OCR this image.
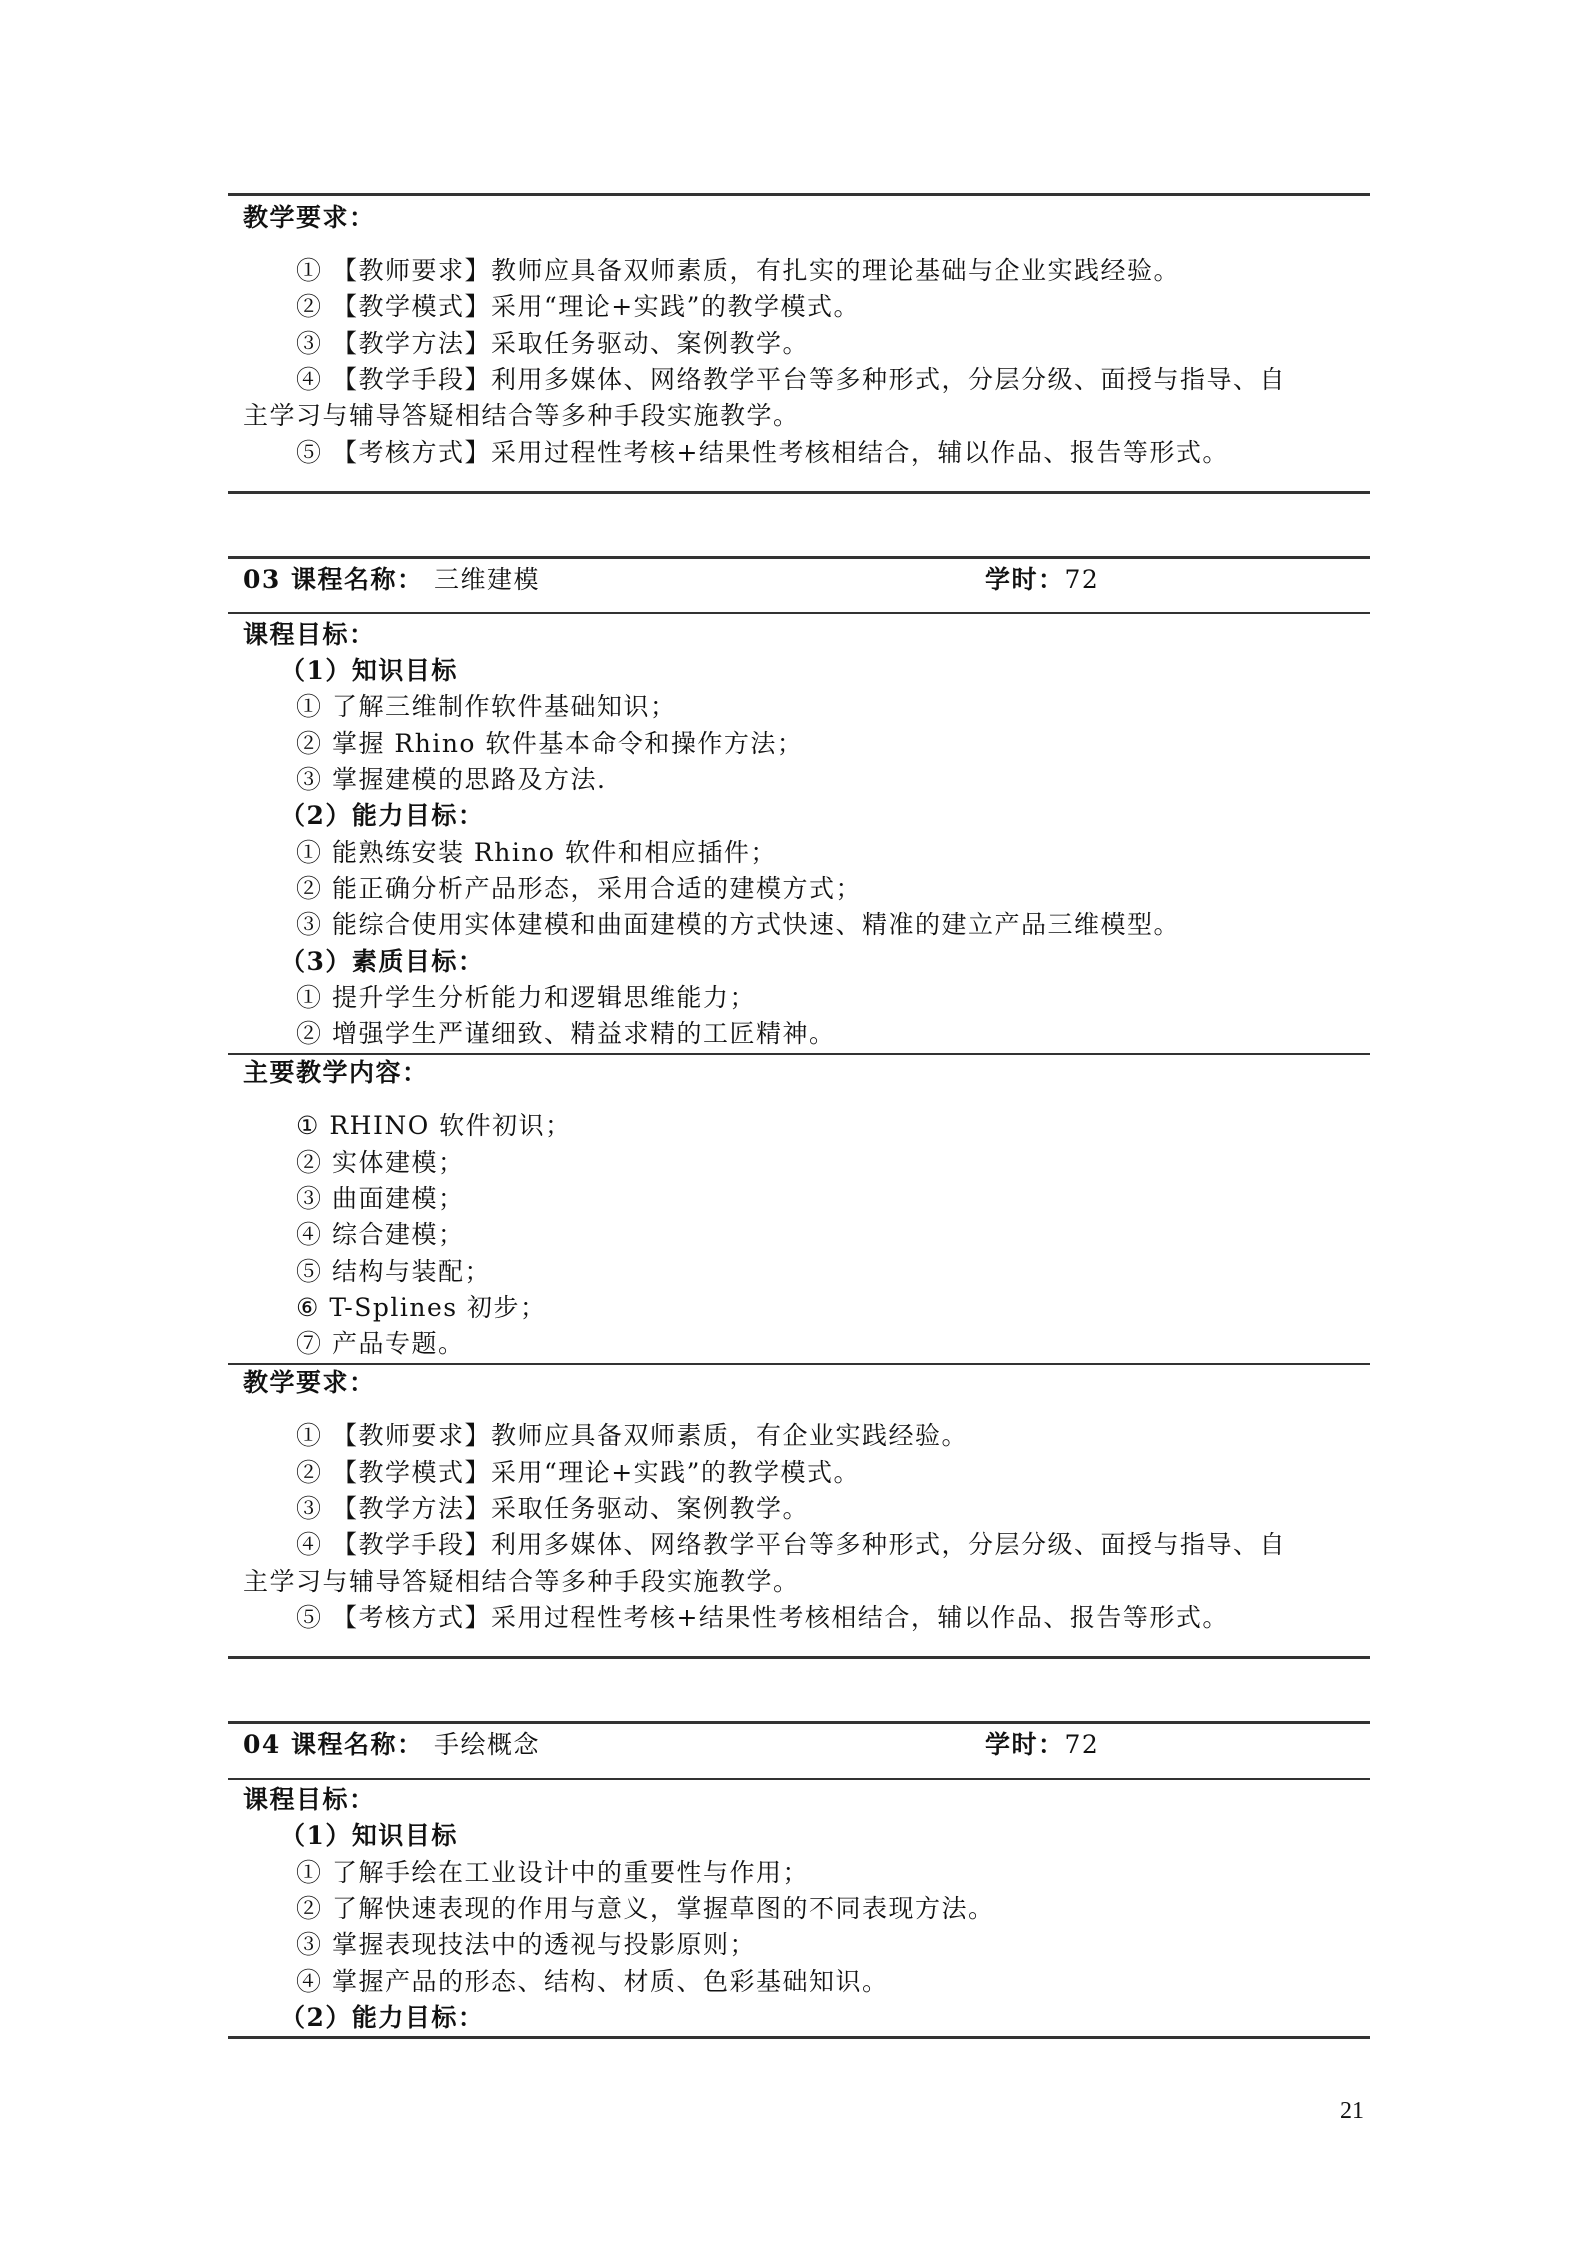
教学要求：
① 【教师要求】教师应具备双师素质，有扎实的理论基础与企业实践经验。
② 【教学模式】采用“理论+实践”的教学模式。
③ 【教学方法】采取任务驱动、案例教学。
④ 【教学手段】利用多媒体、网络教学平台等多种形式，分层分级、面授与指导、自
主学习与辅导答疑相结合等多种手段实施教学。
⑤ 【考核方式】采用过程性考核+结果性考核相结合，辅以作品、报告等形式。
03 课程名称： 三维建模	学时：72
课程目标：
（1）知识目标
① 了解三维制作软件基础知识；
② 掌握 Rhino 软件基本命令和操作方法；
③ 掌握建模的思路及方法.
（2）能力目标：
① 能熟练安装 Rhino 软件和相应插件；
② 能正确分析产品形态，采用合适的建模方式；
③ 能综合使用实体建模和曲面建模的方式快速、精准的建立产品三维模型。
（3）素质目标：
① 提升学生分析能力和逻辑思维能力；
② 增强学生严谨细致、精益求精的工匠精神。
主要教学内容：
① RHINO 软件初识；
② 实体建模；
③ 曲面建模；
④ 综合建模；
⑤ 结构与装配；
⑥ T-Splines 初步；
⑦ 产品专题。
教学要求：
① 【教师要求】教师应具备双师素质，有企业实践经验。
② 【教学模式】采用“理论+实践”的教学模式。
③ 【教学方法】采取任务驱动、案例教学。
④ 【教学手段】利用多媒体、网络教学平台等多种形式，分层分级、面授与指导、自
主学习与辅导答疑相结合等多种手段实施教学。
⑤ 【考核方式】采用过程性考核+结果性考核相结合，辅以作品、报告等形式。
04 课程名称： 手绘概念	学时：72
课程目标：
（1）知识目标
① 了解手绘在工业设计中的重要性与作用；
② 了解快速表现的作用与意义，掌握草图的不同表现方法。
③ 掌握表现技法中的透视与投影原则；
④ 掌握产品的形态、结构、材质、色彩基础知识。
（2）能力目标：
21
